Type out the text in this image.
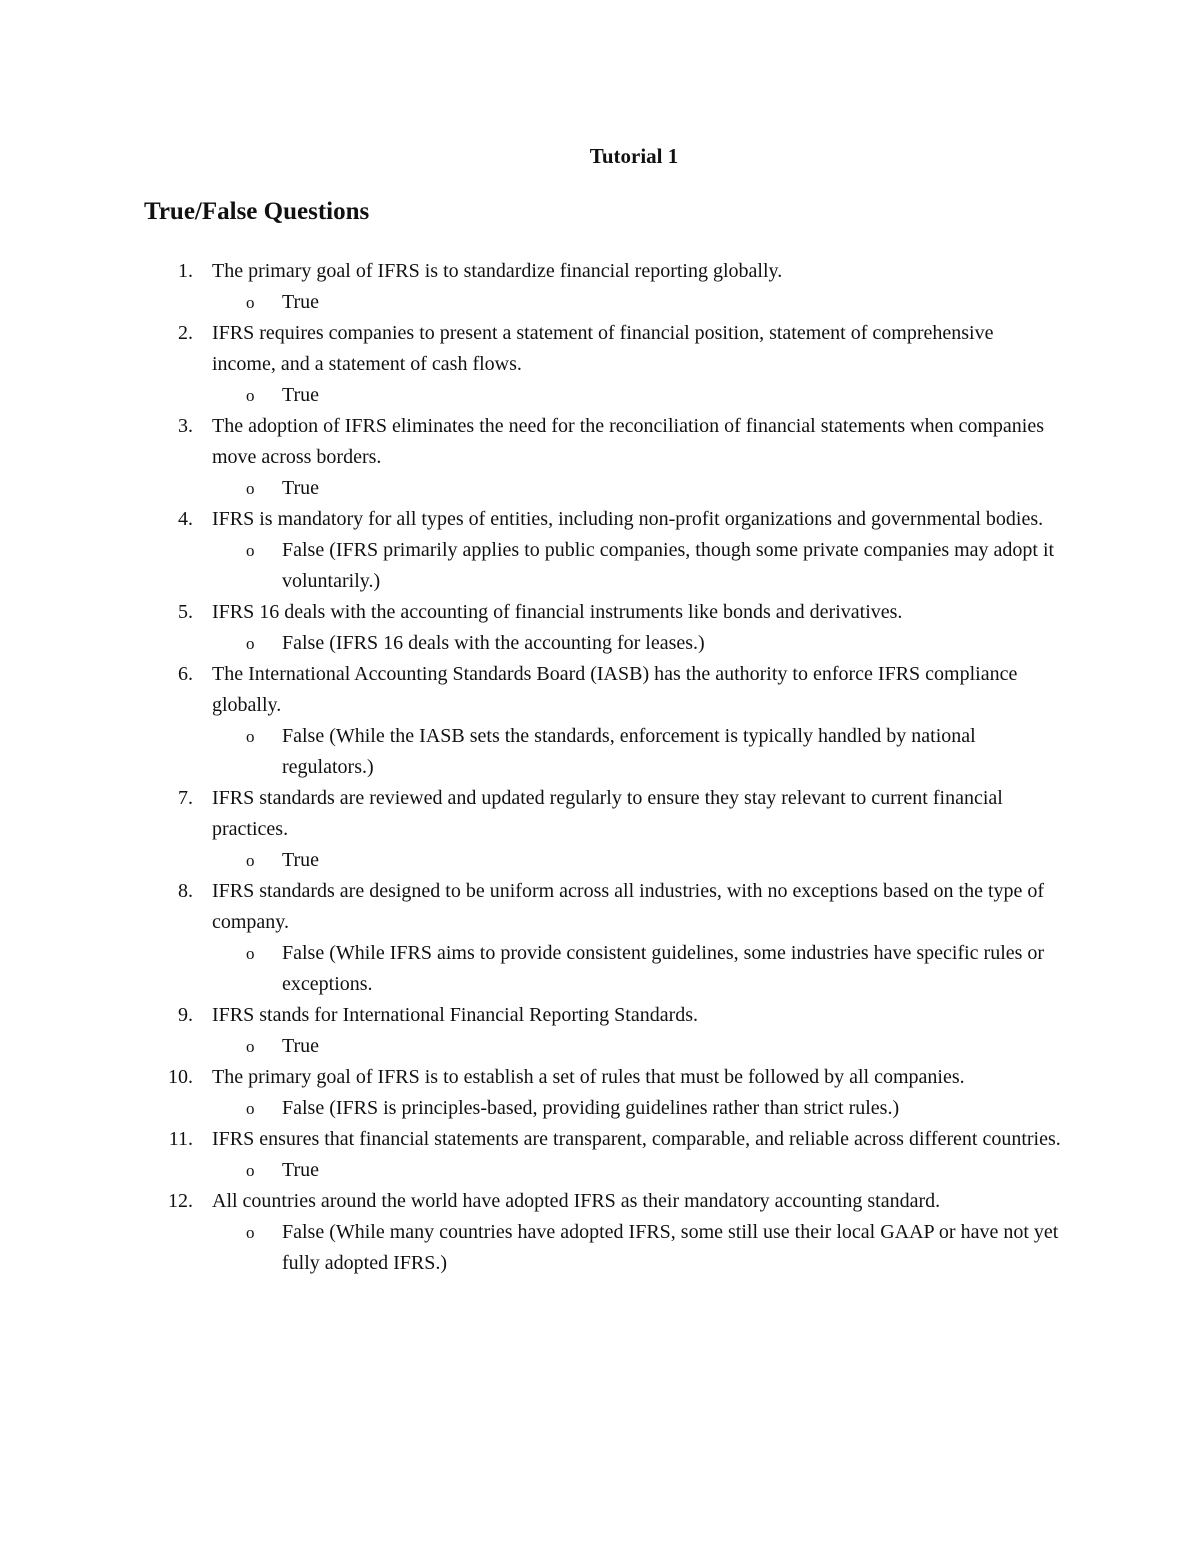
Tutorial 1
True/False Questions
1. The primary goal of IFRS is to standardize financial reporting globally.

o True

2. IFRS requires companies to present a statement of financial position, statement of comprehensive income, and a statement of cash flows.

o True

3. The adoption of IFRS eliminates the need for the reconciliation of financial statements when companies move across borders.

o True

4. IFRS is mandatory for all types of entities, including non-profit organizations and governmental bodies.

o False (IFRS primarily applies to public companies, though some private companies may adopt it voluntarily.)

5. IFRS 16 deals with the accounting of financial instruments like bonds and derivatives.

o False (IFRS 16 deals with the accounting for leases.)

6. The International Accounting Standards Board (IASB) has the authority to enforce IFRS compliance globally.

o False (While the IASB sets the standards, enforcement is typically handled by national regulators.)

7. IFRS standards are reviewed and updated regularly to ensure they stay relevant to current financial practices.

o True

8. IFRS standards are designed to be uniform across all industries, with no exceptions based on the type of company.

o False (While IFRS aims to provide consistent guidelines, some industries have specific rules or exceptions.

9. IFRS stands for International Financial Reporting Standards.

o True

10. The primary goal of IFRS is to establish a set of rules that must be followed by all companies.

o False (IFRS is principles-based, providing guidelines rather than strict rules.)

11. IFRS ensures that financial statements are transparent, comparable, and reliable across different countries.

o True

12. All countries around the world have adopted IFRS as their mandatory accounting standard.

o False (While many countries have adopted IFRS, some still use their local GAAP or have not yet fully adopted IFRS.)
